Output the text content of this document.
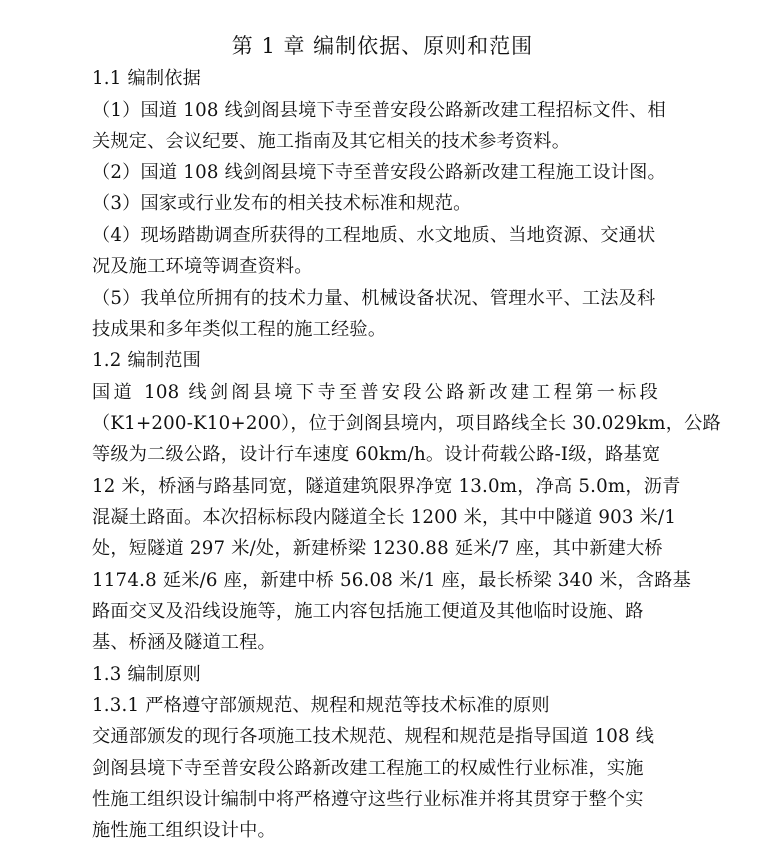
第 1 章 编制依据、原则和范围
1.1 编制依据
（1）国道 108 线剑阁县境下寺至普安段公路新改建工程招标文件、相
关规定、会议纪要、施工指南及其它相关的技术参考资料。
（2）国道 108 线剑阁县境下寺至普安段公路新改建工程施工设计图。
（3）国家或行业发布的相关技术标准和规范。
（4）现场踏勘调查所获得的工程地质、水文地质、当地资源、交通状
况及施工环境等调查资料。
（5）我单位所拥有的技术力量、机械设备状况、管理水平、工法及科
技成果和多年类似工程的施工经验。
1.2 编制范围
国道 108 线剑阁县境下寺至普安段公路新改建工程第一标段
（K1+200-K10+200），位于剑阁县境内，项目路线全长 30.029km，公路
等级为二级公路，设计行车速度 60km/h。设计荷载公路-Ⅰ级，路基宽
12 米，桥涵与路基同宽，隧道建筑限界净宽 13.0m，净高 5.0m，沥青
混凝土路面。本次招标标段内隧道全长 1200 米，其中中隧道 903 米/1
处，短隧道 297 米/处，新建桥梁 1230.88 延米/7 座，其中新建大桥
1174.8 延米/6 座，新建中桥 56.08 米/1 座，最长桥梁 340 米，含路基
路面交叉及沿线设施等，施工内容包括施工便道及其他临时设施、路
基、桥涵及隧道工程。
1.3 编制原则
1.3.1 严格遵守部颁规范、规程和规范等技术标准的原则
交通部颁发的现行各项施工技术规范、规程和规范是指导国道 108 线
剑阁县境下寺至普安段公路新改建工程施工的权威性行业标准，实施
性施工组织设计编制中将严格遵守这些行业标准并将其贯穿于整个实
施性施工组织设计中。
